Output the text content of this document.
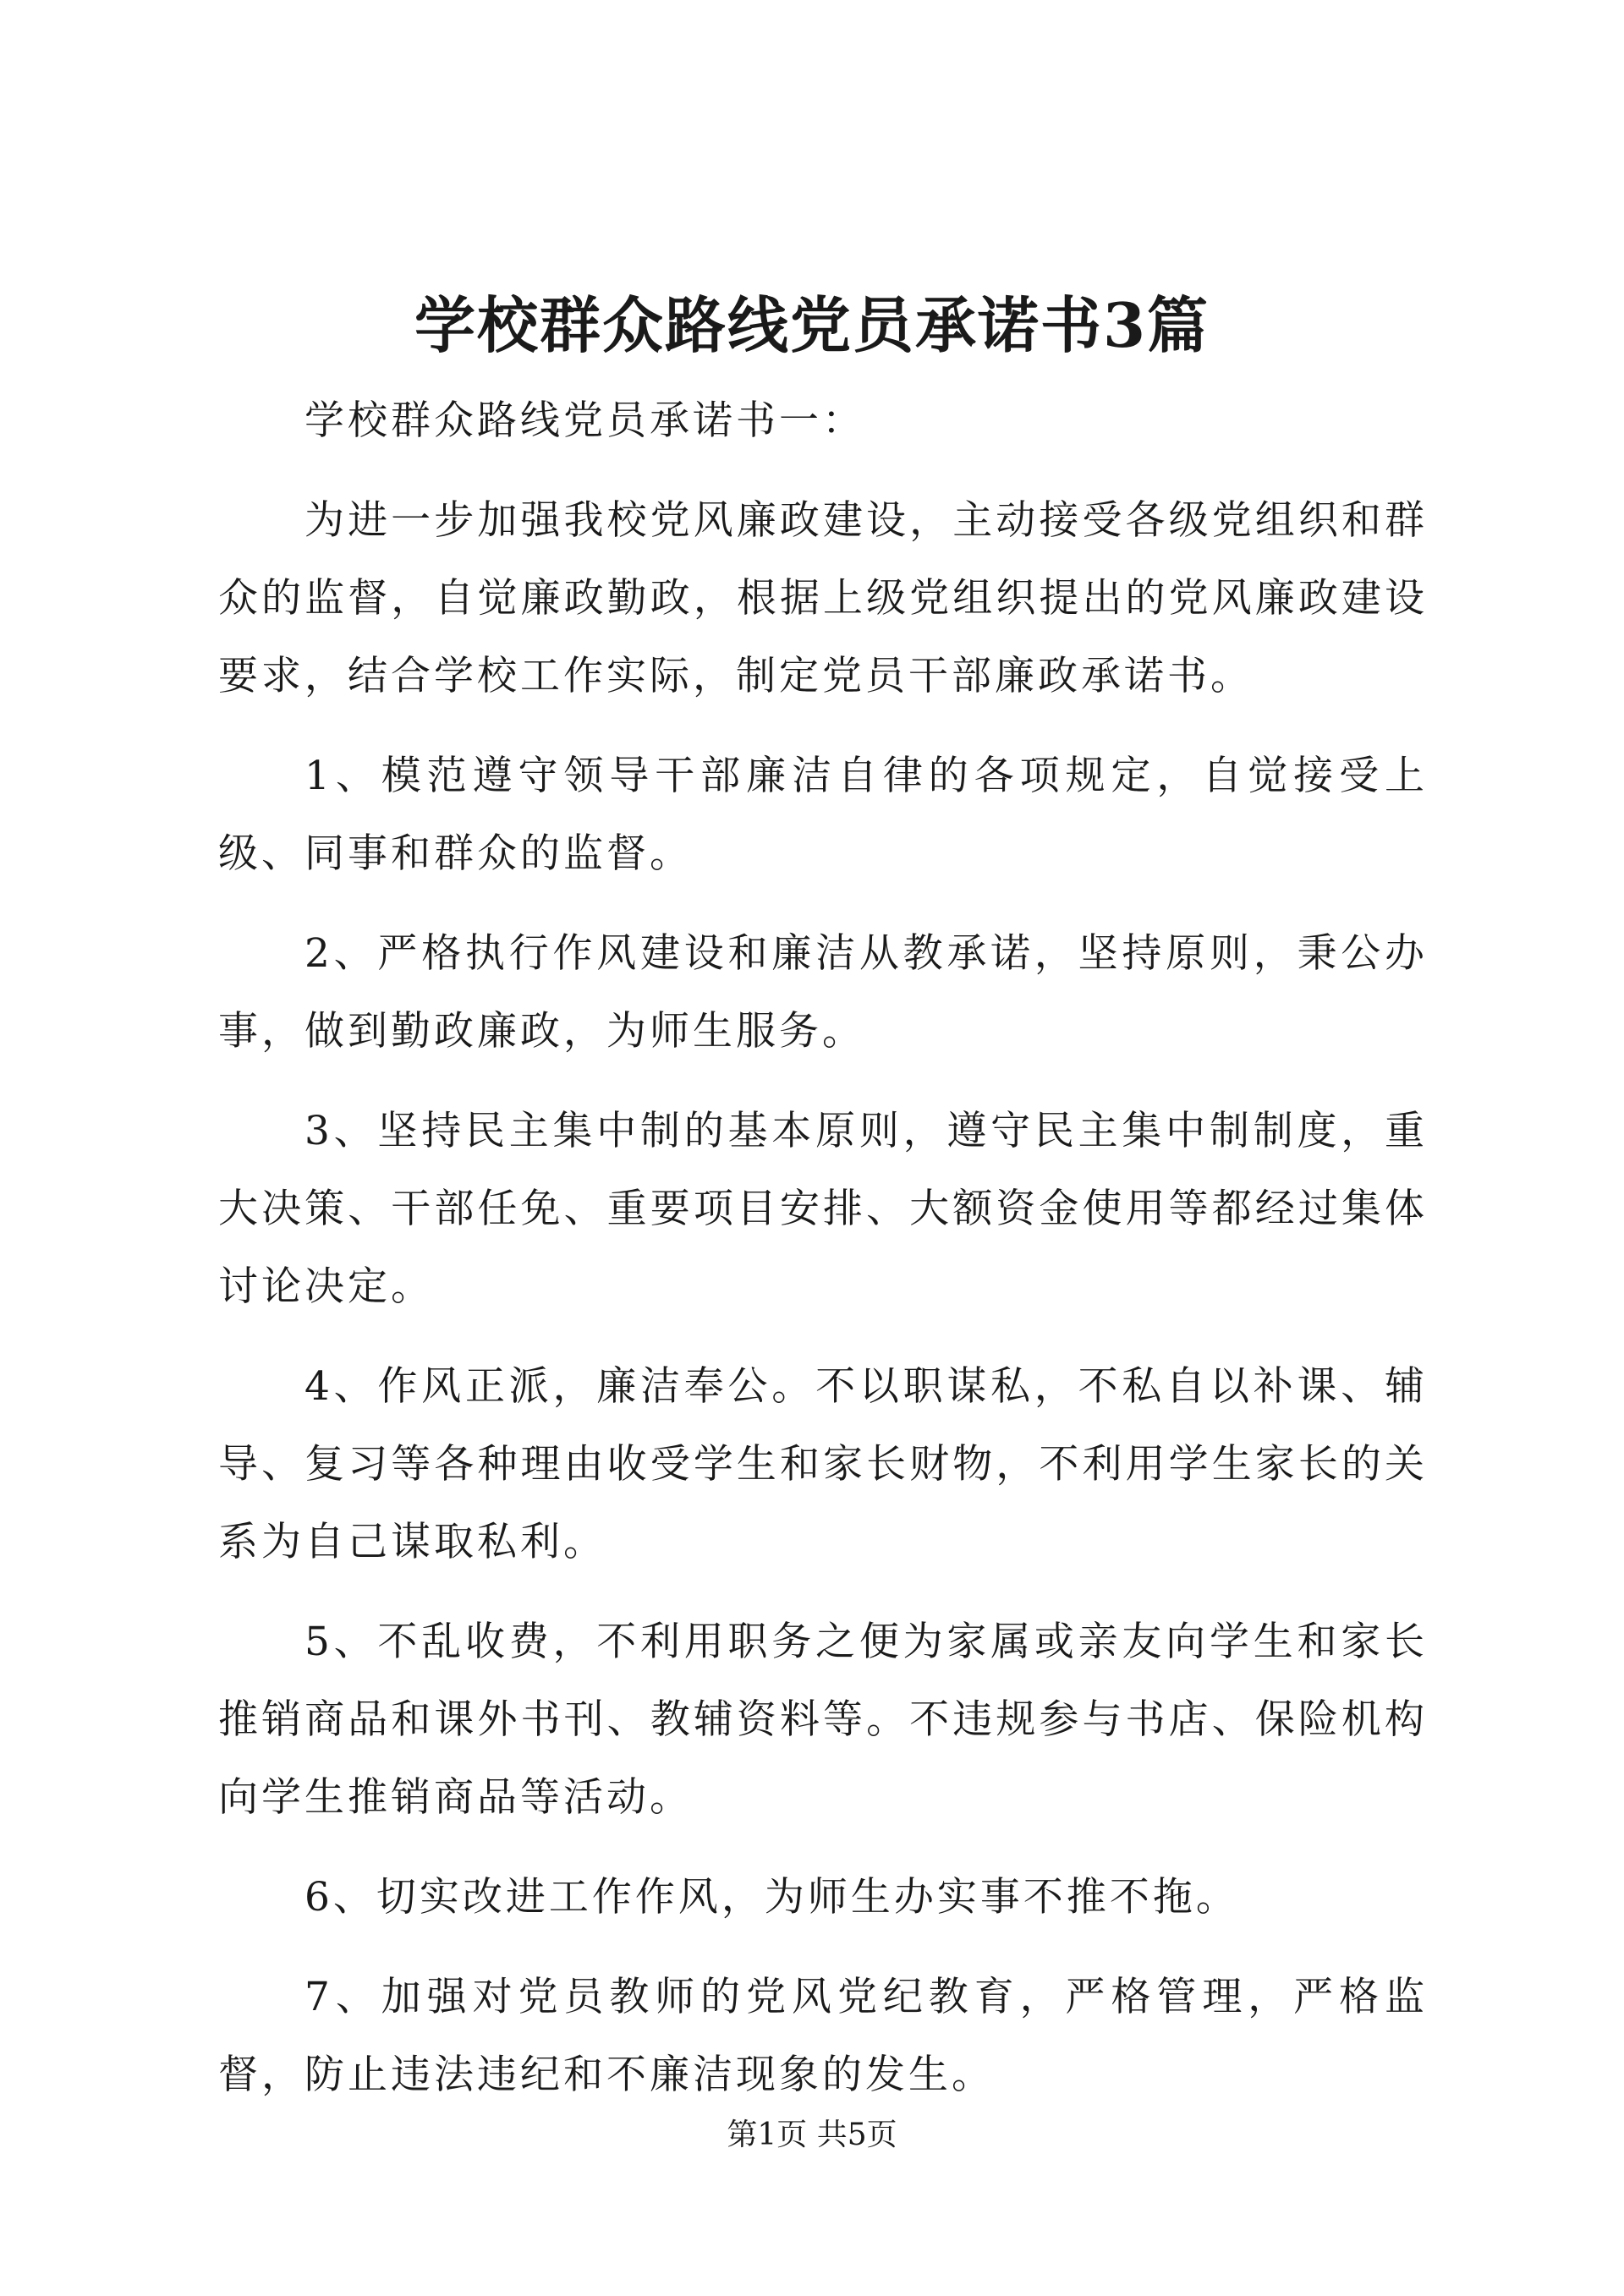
学校群众路线党员承诺书3篇

学校群众路线党员承诺书一：

为进一步加强我校党风廉政建设，主动接受各级党组织和群众的监督，自觉廉政勤政，根据上级党组织提出的党风廉政建设要求，结合学校工作实际，制定党员干部廉政承诺书。

1、模范遵守领导干部廉洁自律的各项规定，自觉接受上级、同事和群众的监督。

2、严格执行作风建设和廉洁从教承诺，坚持原则，秉公办事，做到勤政廉政，为师生服务。

3、坚持民主集中制的基本原则，遵守民主集中制制度，重大决策、干部任免、重要项目安排、大额资金使用等都经过集体讨论决定。

4、作风正派，廉洁奉公。不以职谋私，不私自以补课、辅导、复习等各种理由收受学生和家长财物，不利用学生家长的关系为自己谋取私利。

5、不乱收费，不利用职务之便为家属或亲友向学生和家长推销商品和课外书刊、教辅资料等。不违规参与书店、保险机构向学生推销商品等活动。

6、切实改进工作作风，为师生办实事不推不拖。

7、加强对党员教师的党风党纪教育，严格管理，严格监督，防止违法违纪和不廉洁现象的发生。

第1页 共5页
